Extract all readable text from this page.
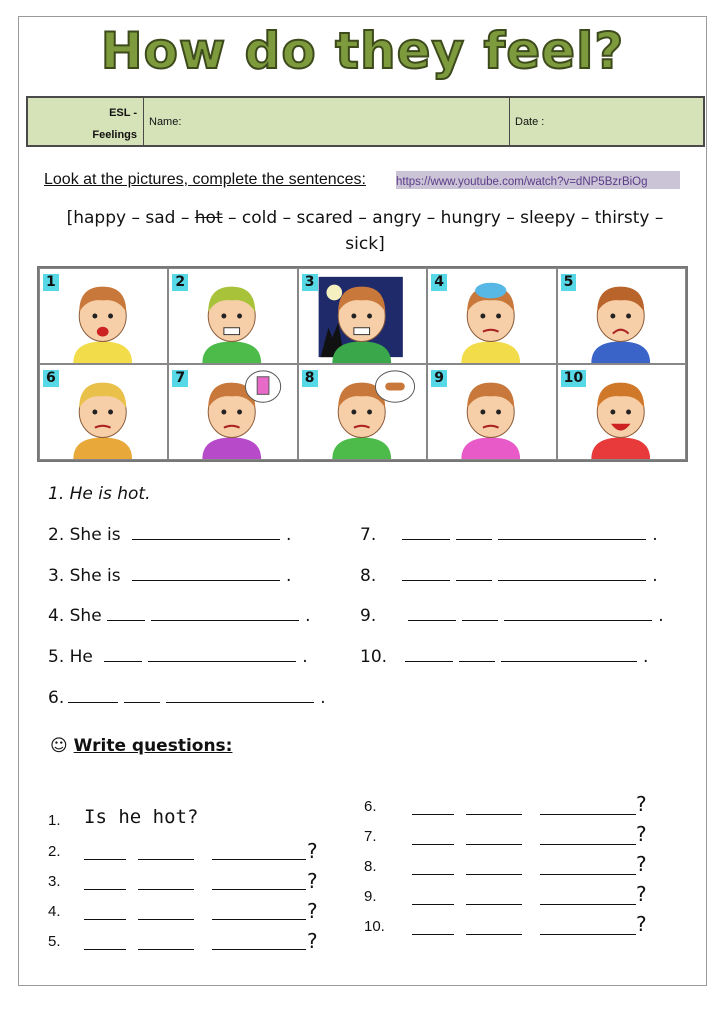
How do they feel?
ESL -
Feelings
Name:	Date :
Look at the pictures, complete the sentences:	https://www.youtube.com/watch?v=dNP5BzrBiOg
[happy – sad – hot – cold – scared – angry – hungry – sleepy – thirsty –
sick]
1	2	3	4	5
6	7	8	9	10
1. He is hot.
2. She is	.
3. She is	.
4. She	.
5. He	.
6.	.
7.	.
8.	.
9.	.
10.	.
☺ Write questions:
1. Is he hot?
2.	?
3.	?
4.	?
5.	?
6.	?
7.	?
8.	?
9.	?
10.	?
